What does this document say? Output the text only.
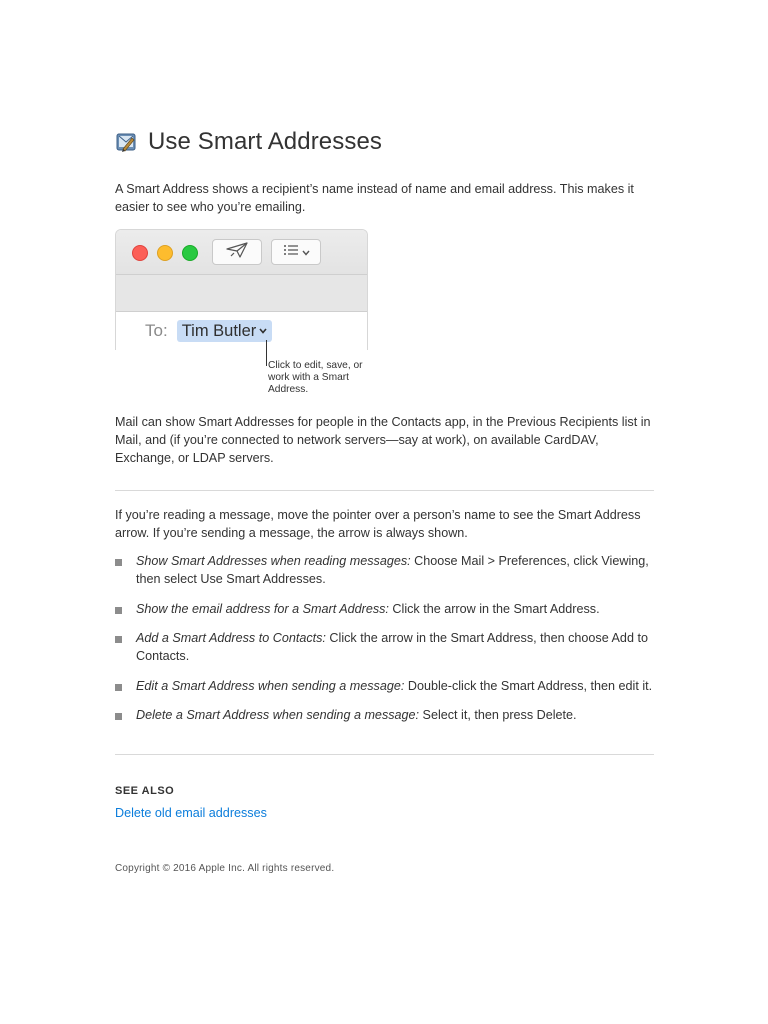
Use Smart Addresses

A Smart Address shows a recipient’s name instead of name and email address. This makes it easier to see who you’re emailing.

To: Tim Butler
Click to edit, save, or work with a Smart Address.

Mail can show Smart Addresses for people in the Contacts app, in the Previous Recipients list in Mail, and (if you’re connected to network servers—say at work), on available CardDAV, Exchange, or LDAP servers.

If you’re reading a message, move the pointer over a person’s name to see the Smart Address arrow. If you’re sending a message, the arrow is always shown.

Show Smart Addresses when reading messages: Choose Mail > Preferences, click Viewing, then select Use Smart Addresses.
Show the email address for a Smart Address: Click the arrow in the Smart Address.
Add a Smart Address to Contacts: Click the arrow in the Smart Address, then choose Add to Contacts.
Edit a Smart Address when sending a message: Double-click the Smart Address, then edit it.
Delete a Smart Address when sending a message: Select it, then press Delete.
SEE ALSO
Delete old email addresses
Copyright © 2016 Apple Inc. All rights reserved.
